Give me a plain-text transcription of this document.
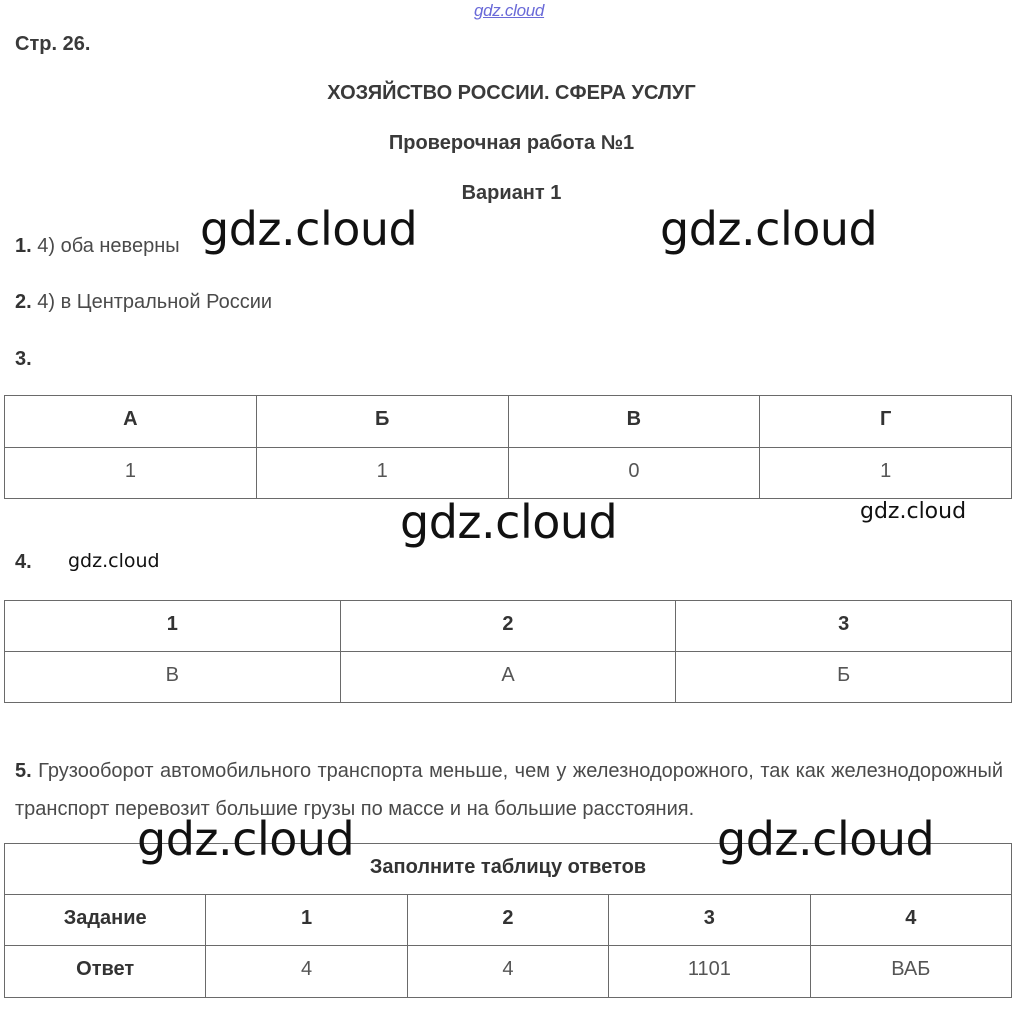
gdz.cloud
Стр. 26.
ХОЗЯЙСТВО РОССИИ. СФЕРА УСЛУГ
Проверочная работа №1
Вариант 1
1. 4) оба неверны
2. 4) в Центральной России
3.
А	Б	В	Г
1	1	0	1
4.
1	2	3
В	А	Б
5. Грузооборот автомобильного транспорта меньше, чем у железнодорожного, так как железнодорожный транспорт перевозит большие грузы по массе и на большие расстояния.
Заполните таблицу ответов				
Задание	1	2	3	4
Ответ	4	4	1101	ВАБ
gdz.cloud	gdz.cloud
gdz.cloud	gdz.cloud
gdz.cloud
gdz.cloud	gdz.cloud
